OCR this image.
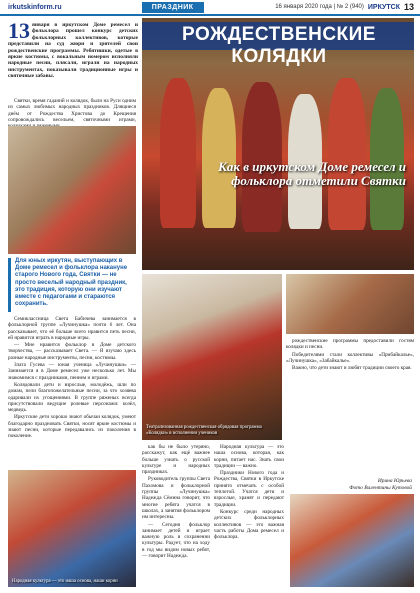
irkutskinform.ru	ПРАЗДНИК	16 января 2020 года | № 2 (940) ИРКУТСК 13
13 января в иркутском Доме ремесел и фольклора прошел конкурс детских фольклорных коллективов, которые представили на суд жюри и зрителей свои рождественские программы. Ребятишки, одетые в яркие костюмы, с вокальным номером исполняли народные песни, плясали, играли на народных инструментах, показывали традиционные игры и святочные забавы.
РОЖДЕСТВЕНСКИЕ КОЛЯДКИ
Как в иркутском Доме ремесел и фольклора отметили Святки

Святки, время гаданий и колядок, были на Руси одним из самых любимых народных праздников. Длящиеся днём от Рождества Христова до Крещения сопровождались весельем, святочными играми,

Для юных иркутян, выступающих в Доме ремесел и фольклора накануне старого Нового года, Святки — не просто веселый народный праздник, это традиция, которую они изучают вместе с педагогами и стараются сохранить.

Семиклассница Света Бабичева занимается в фольклорной группе «Лучинушка» почти 6 лет. Она рассказывает, что её больше всего нравится петь песни, ей нравится играть в народные игры.

— Мне нравится фольклор в Доме детского творчества, — рассказывает Света. — Я изучаю здесь разные народные инструменты, песни, костюмы.

Злата Гусева — юная ученица «Лучинушки» — Занимается я в Доме ремесел уже несколько лет. Мы знакомимся с праздниками, пением и играми.

Колядовали дети и взрослые, молодёжь, шли по домам, пели благопожелательные песни, за что хозяева одаривали их угощениями. В группе ряженых всегда присутствовали ведущие ролевые персонажи: козёл, медведь.

Иркутские дети хорошо знают обычаи колядок, умеют благодарно праздновать Святки, носят яркие костюмы и знают песни, которые передавались из поколения в поколение.

Театрализованная рождественская обрядовая программа «Колядки» в исполнении учеников

рождественские программы предоставили гостям колядки и песни.

Победителями стали коллективы «Прибайкалье», «Лучинушка», «Забайкалье».

Важно, что дети знают и любят традиции своего края.

как бы не было утеряно, расскажут, как ещё важнее больше узнать о русской культуре и народных праздниках.

Руководитель группы Света Пахомова и фольклорной группы «Лучинушка» Надежда Сёмина говорит, что многие ребята учатся в школах, а занятия фольклором им интересны.

— Сегодня фольклор занимает детей и играет важную роль в сохранении культуры. Радует, что на ходу в год мы видим новых ребят, — говорит Надежда.

Народная культура — это наша основа, которая, как корни, питает нас. Знать свои традиции — важно.

Праздники Нового года и Рождества, Святки в Иркутске принято отмечать с особой теплотой. Учатся дети и взрослые, хранят и передают традиции.

Конкурс среди народных детских фольклорных коллективов — это важная часть работы Дома ремесел и фольклора.

Народная культура — это наша основа, наши корни
Ирина Юрьева
Фото Валентины Кутовой
